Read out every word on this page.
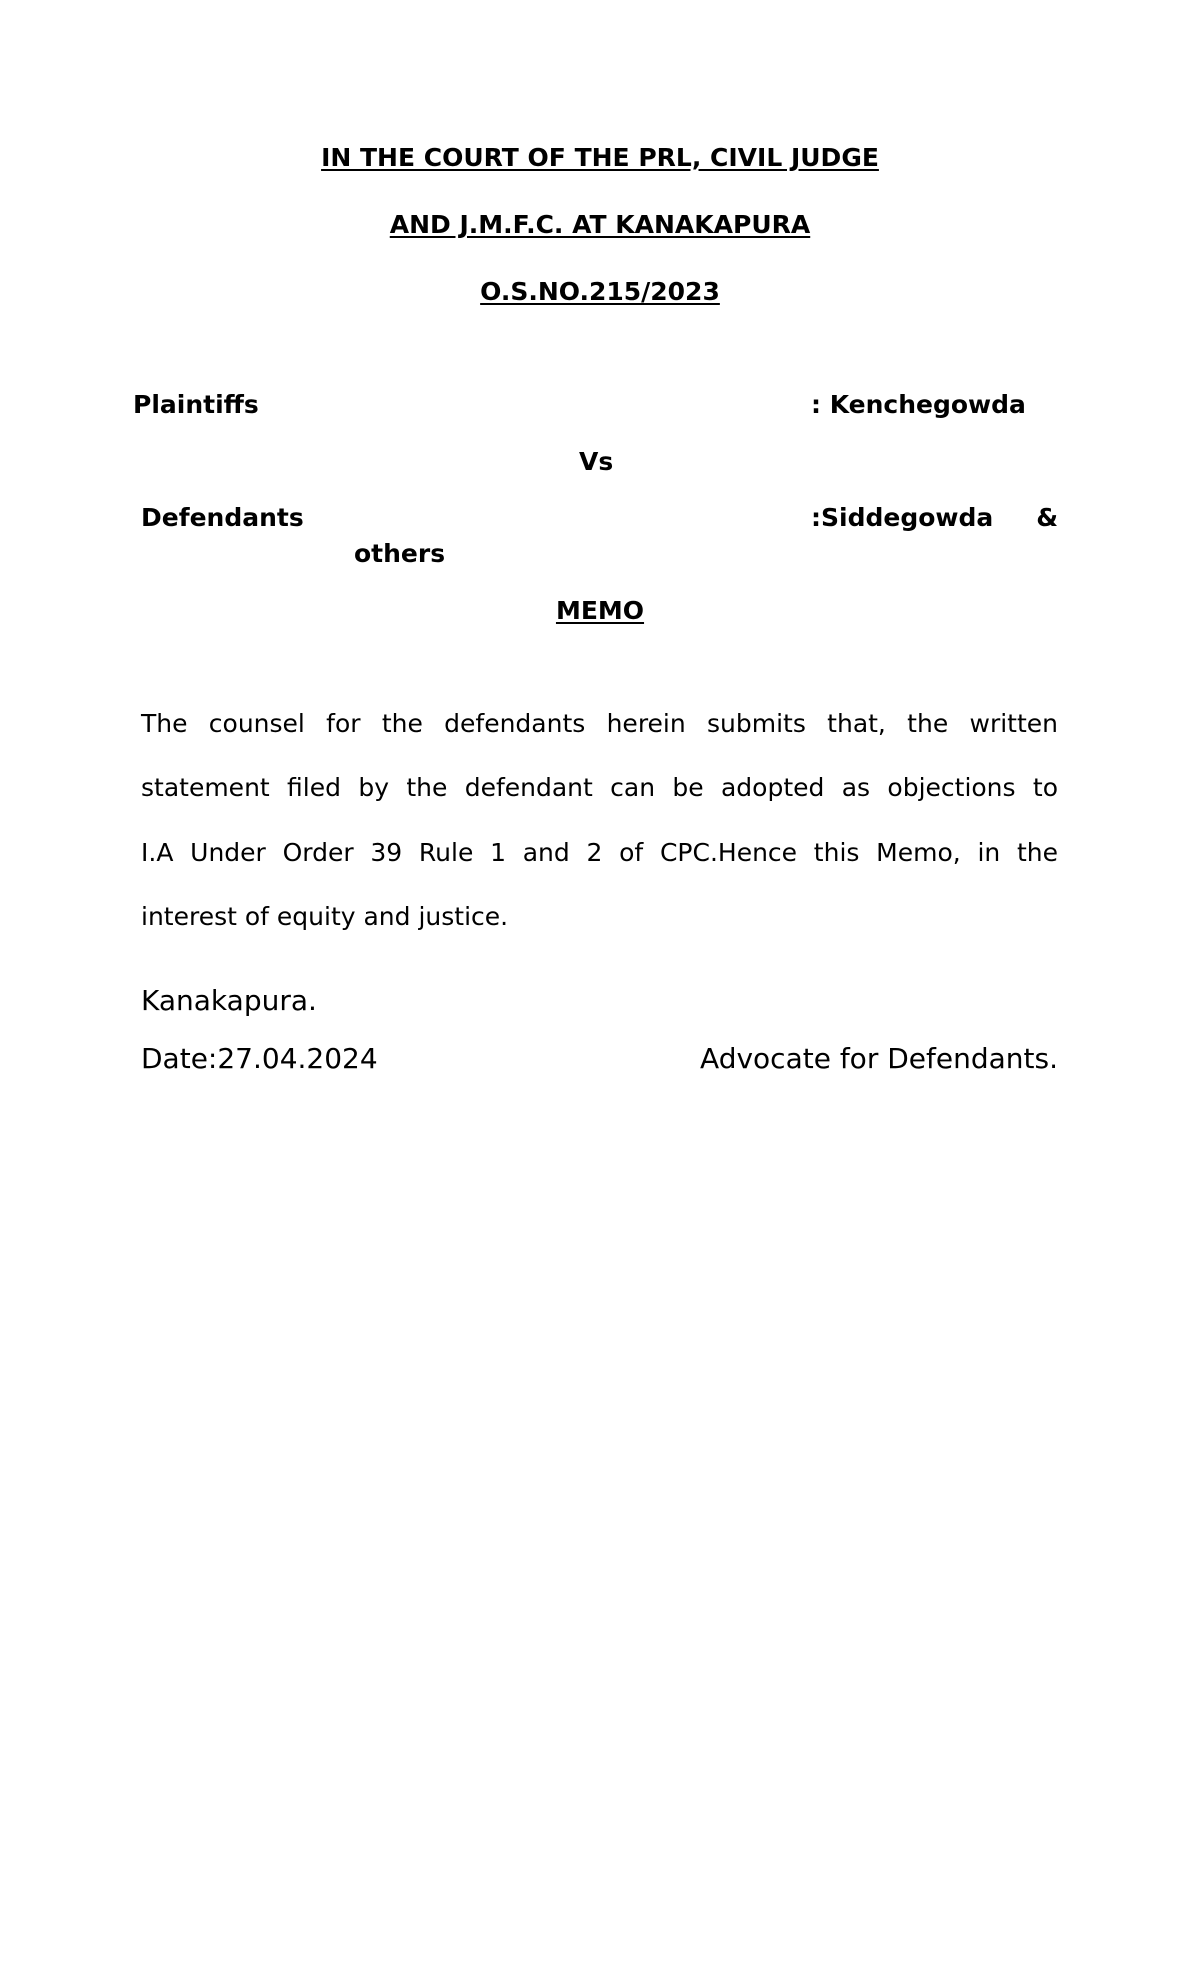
IN THE COURT OF THE PRL, CIVIL JUDGE
AND J.M.F.C. AT KANAKAPURA
O.S.NO.215/2023
Plaintiffs	: Kenchegowda
Vs
Defendants	:Siddegowda  &
others
MEMO
The counsel for the defendants herein submits that, the written
statement filed by the defendant can be adopted as objections to
I.A Under Order 39 Rule 1 and 2 of CPC.Hence this Memo, in the
interest of equity and justice.
Kanakapura.
Date:27.04.2024	Advocate for Defendants.
